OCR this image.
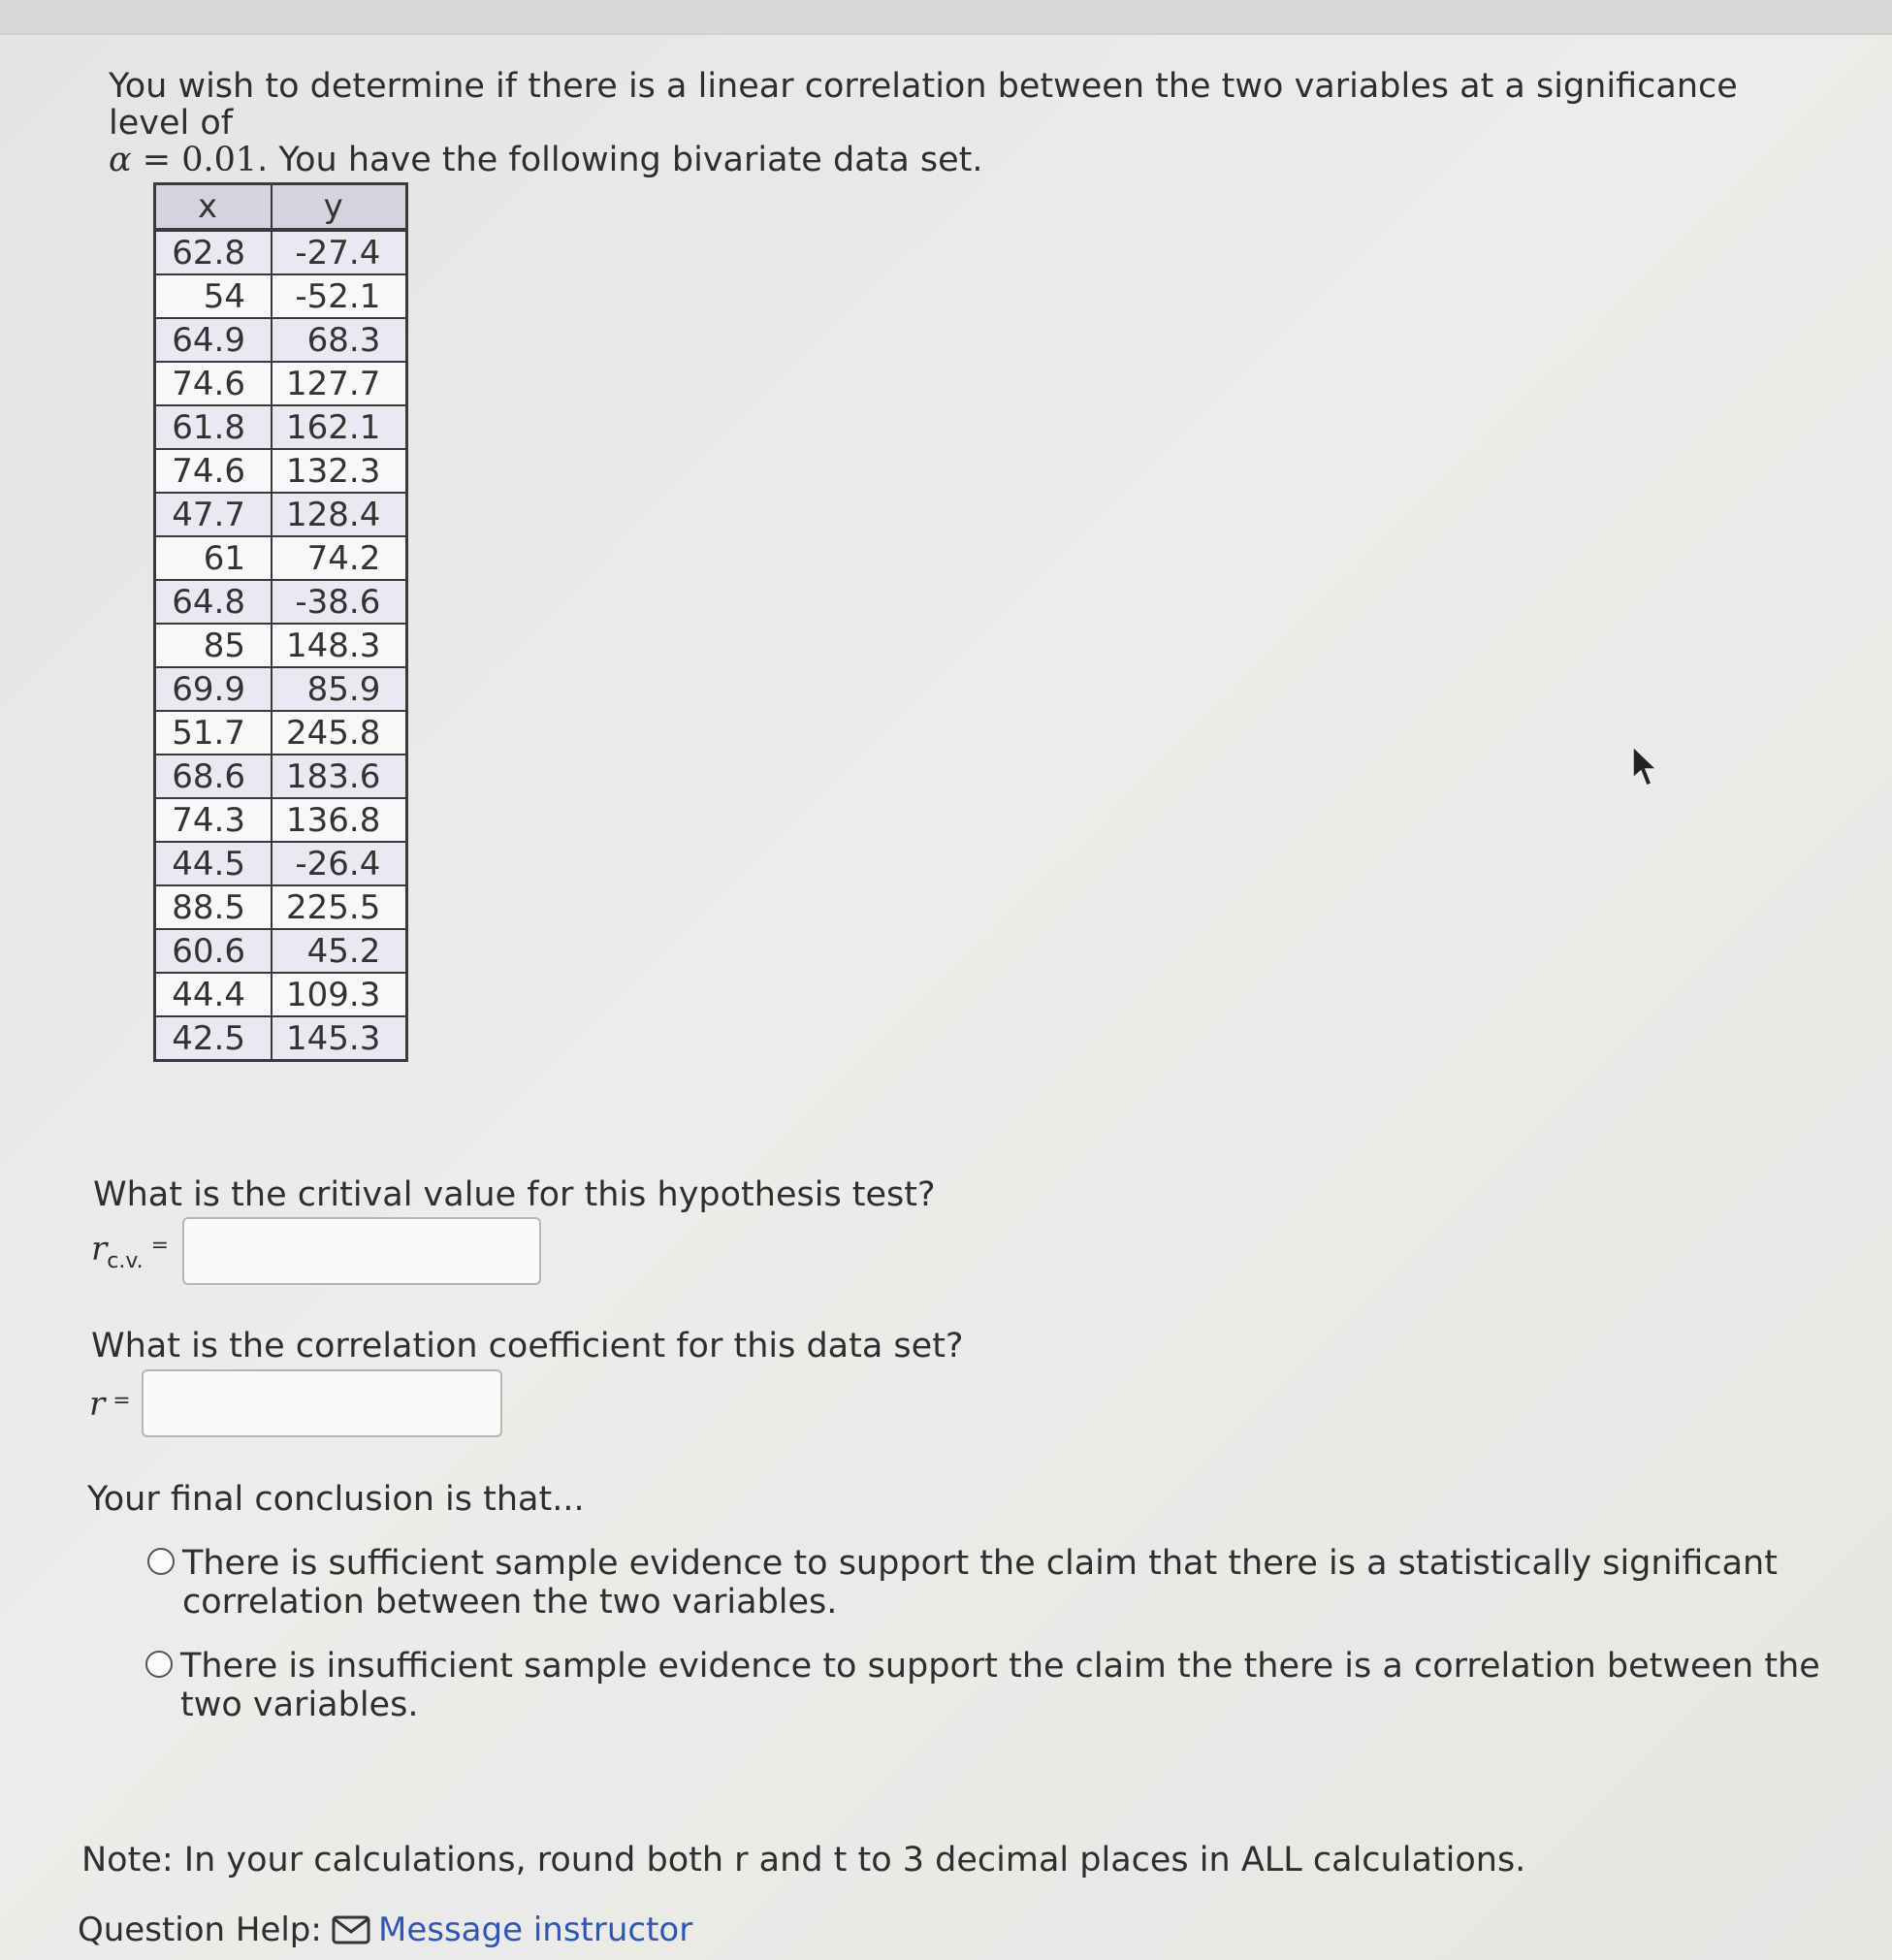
You wish to determine if there is a linear correlation between the two variables at a significance level of
α = 0.01. You have the following bivariate data set.
x	y
62.8	-27.4
54	-52.1
64.9	68.3
74.6	127.7
61.8	162.1
74.6	132.3
47.7	128.4
61	74.2
64.8	-38.6
85	148.3
69.9	85.9
51.7	245.8
68.6	183.6
74.3	136.8
44.5	-26.4
88.5	225.5
60.6	45.2
44.4	109.3
42.5	145.3
What is the critival value for this hypothesis test?
$r_{c.v.}^=$
What is the correlation coefficient for this data set?
r =
Your final conclusion is that...
There is sufficient sample evidence to support the claim that there is a statistically significant
correlation between the two variables.
There is insufficient sample evidence to support the claim the there is a correlation between the
two variables.
Note: In your calculations, round both r and t to 3 decimal places in ALL calculations.
Question Help: Message instructor
